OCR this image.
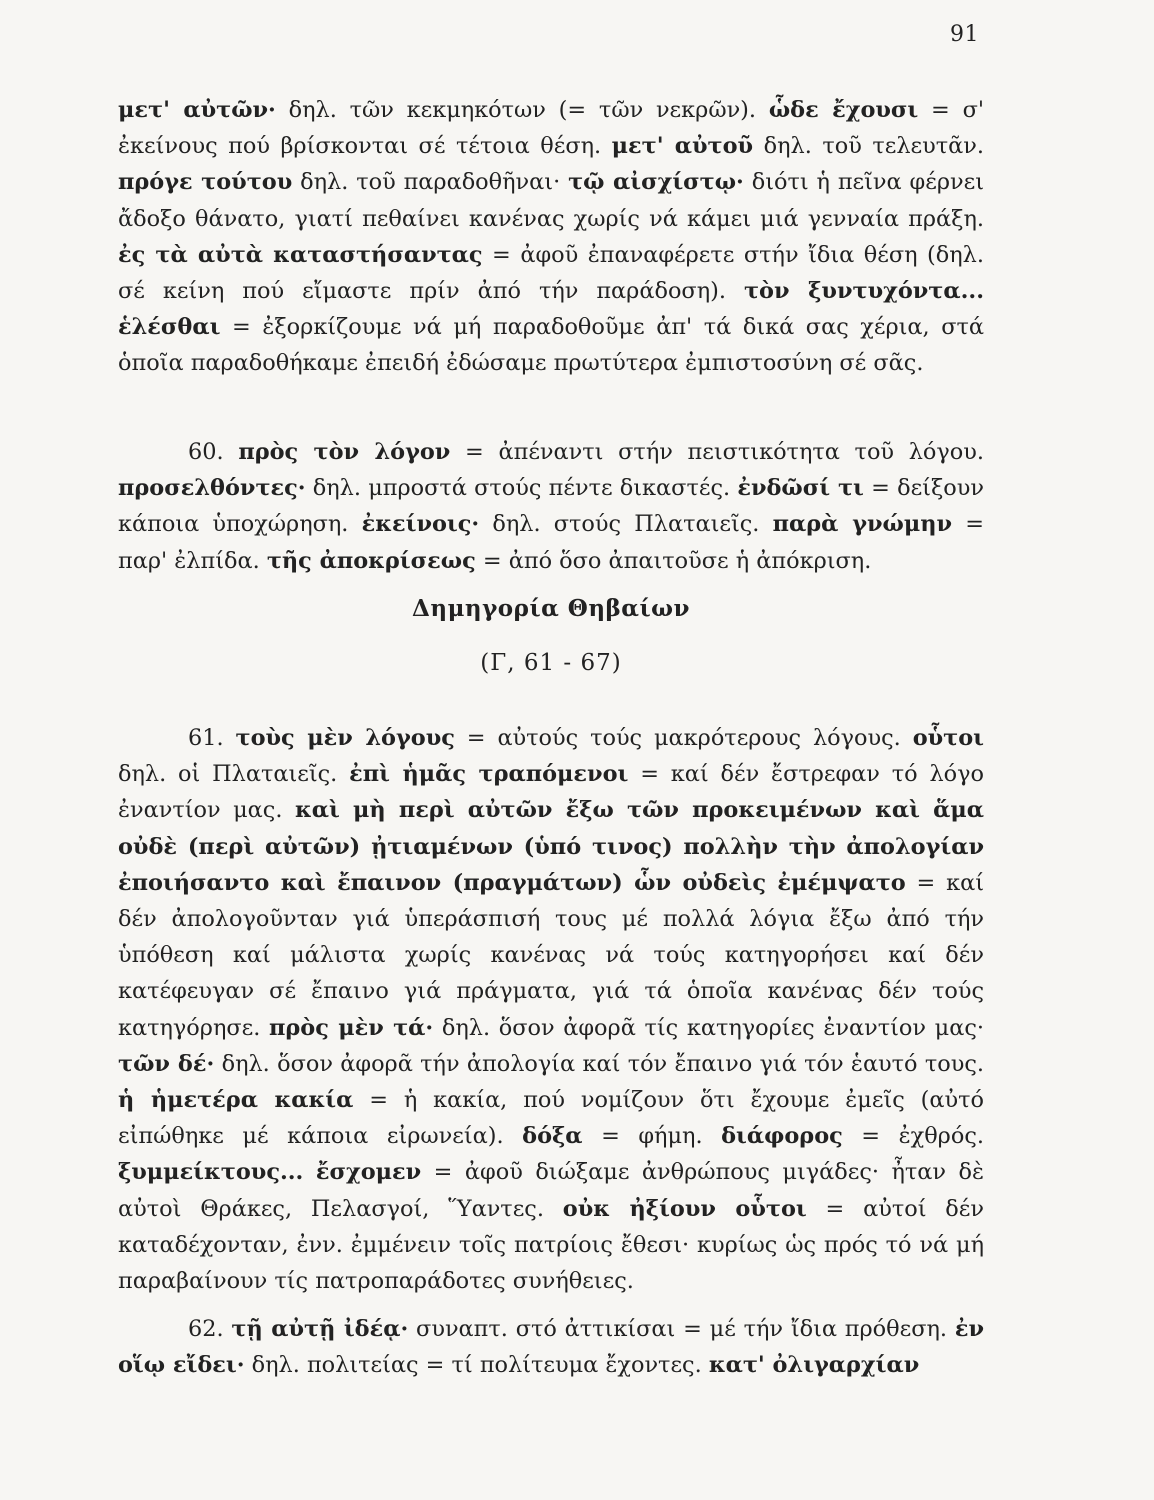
91

μετ' αὐτῶν· δηλ. τῶν κεκμηκότων (= τῶν νεκρῶν). ὧδε ἔχουσι = σ' ἐκείνους πού βρίσκονται σέ τέτοια θέση. μετ' αὐτοῦ δηλ. τοῦ τελευτᾶν. πρόγε τούτου δηλ. τοῦ παραδοθῆναι· τῷ αἰσχίστῳ· διότι ἡ πεῖνα φέρνει ἄδοξο θάνατο, γιατί πεθαίνει κανένας χωρίς νά κάμει μιά γενναία πράξη. ἐς τὰ αὐτὰ καταστήσαντας = ἀφοῦ ἐπαναφέρετε στήν ἴδια θέση (δηλ. σέ κείνη πού εἴμαστε πρίν ἀπό τήν παράδοση). τὸν ξυντυχόντα... ἑλέσθαι = ἐξορκίζουμε νά μή παραδοθοῦμε ἀπ' τά δικά σας χέρια, στά ὁποῖα παραδοθήκαμε ἐπειδή ἐδώσαμε πρωτύτερα ἐμπιστοσύνη σέ σᾶς.

60. πρὸς τὸν λόγον = ἀπέναντι στήν πειστικότητα τοῦ λόγου. προσελθόντες· δηλ. μπροστά στούς πέντε δικαστές. ἐνδῶσί τι = δείξουν κάποια ὑποχώρηση. ἐκείνοις· δηλ. στούς Πλαταιεῖς. παρὰ γνώμην = παρ' ἐλπίδα. τῆς ἀποκρίσεως = ἀπό ὅσο ἀπαιτοῦσε ἡ ἀπόκριση.

Δημηγορία Θηβαίων
(Γ, 61 - 67)

61. τοὺς μὲν λόγους = αὐτούς τούς μακρότερους λόγους. οὗτοι δηλ. οἱ Πλαταιεῖς. ἐπὶ ἡμᾶς τραπόμενοι = καί δέν ἔστρεφαν τό λόγο ἐναντίον μας. καὶ μὴ περὶ αὐτῶν ἔξω τῶν προκειμένων καὶ ἅμα οὐδὲ (περὶ αὐτῶν) ᾐτιαμένων (ὑπό τινος) πολλὴν τὴν ἀπολογίαν ἐποιήσαντο καὶ ἔπαινον (πραγμάτων) ὧν οὐδεὶς ἐμέμψατο = καί δέν ἀπολογοῦνταν γιά ὑπεράσπισή τους μέ πολλά λόγια ἔξω ἀπό τήν ὑπόθεση καί μάλιστα χωρίς κανένας νά τούς κατηγορήσει καί δέν κατέφευγαν σέ ἔπαινο γιά πράγματα, γιά τά ὁποῖα κανένας δέν τούς κατηγόρησε. πρὸς μὲν τά· δηλ. ὅσον ἀφορᾶ τίς κατηγορίες ἐναντίον μας· τῶν δέ· δηλ. ὅσον ἀφορᾶ τήν ἀπολογία καί τόν ἔπαινο γιά τόν ἑαυτό τους. ἡ ἡμετέρα κακία = ἡ κακία, πού νομίζουν ὅτι ἔχουμε ἐμεῖς (αὐτό εἰπώθηκε μέ κάποια εἰρωνεία). δόξα = φήμη. διάφορος = ἐχθρός. ξυμμείκτους... ἔσχομεν = ἀφοῦ διώξαμε ἀνθρώπους μιγάδες· ἦταν δὲ αὐτοὶ Θράκες, Πελασγοί, Ὕαντες. οὐκ ἠξίουν οὗτοι = αὐτοί δέν καταδέχονταν, ἐνν. ἐμμένειν τοῖς πατρίοις ἔθεσι· κυρίως ὡς πρός τό νά μή παραβαίνουν τίς πατροπαράδοτες συνήθειες.

62. τῇ αὐτῇ ἰδέᾳ· συναπτ. στό ἀττικίσαι = μέ τήν ἴδια πρόθεση. ἐν οἵῳ εἴδει· δηλ. πολιτείας = τί πολίτευμα ἔχοντες. κατ' ὀλιγαρχίαν
